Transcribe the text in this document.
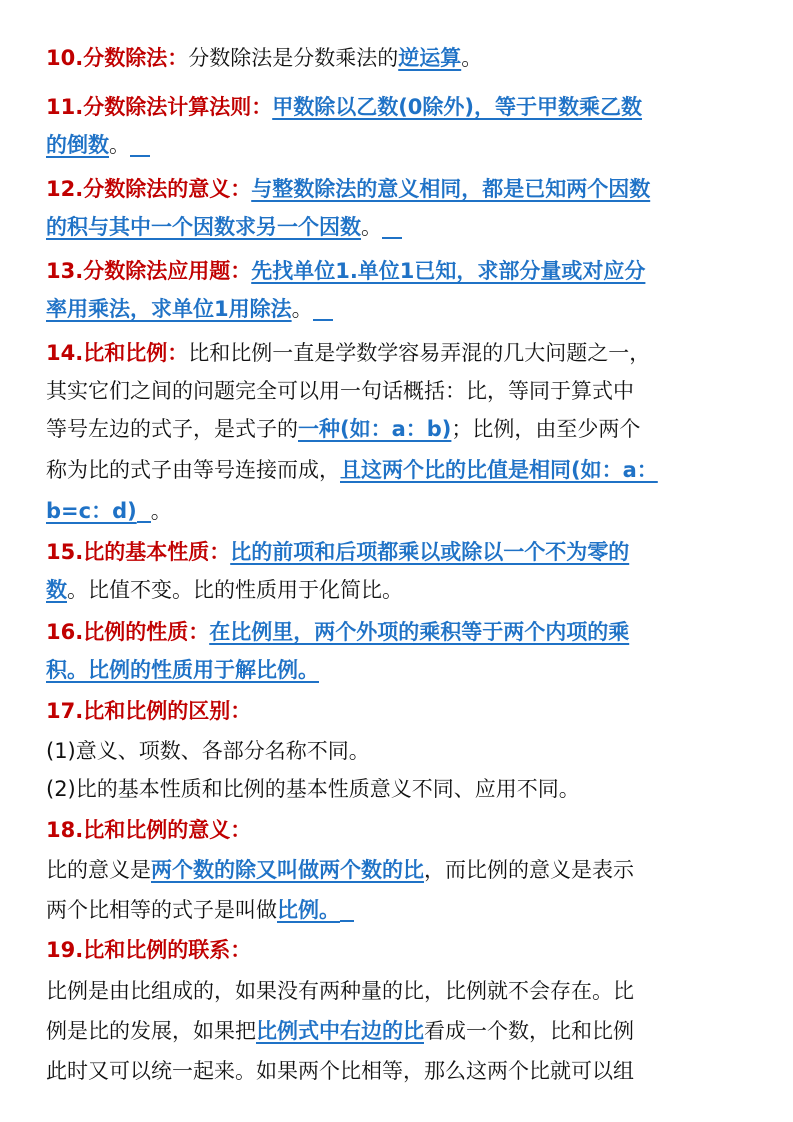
10.分数除法：分数除法是分数乘法的逆运算。
11.分数除法计算法则：甲数除以乙数(0除外)，等于甲数乘乙数
的倒数。
12.分数除法的意义：与整数除法的意义相同，都是已知两个因数
的积与其中一个因数求另一个因数。
13.分数除法应用题：先找单位1.单位1已知，求部分量或对应分
率用乘法，求单位1用除法。
14.比和比例：比和比例一直是学数学容易弄混的几大问题之一，
其实它们之间的问题完全可以用一句话概括：比，等同于算式中
等号左边的式子，是式子的一种(如：a：b)；比例，由至少两个
称为比的式子由等号连接而成，且这两个比的比值是相同(如：a：
b=c：d) 。
15.比的基本性质：比的前项和后项都乘以或除以一个不为零的
数。比值不变。比的性质用于化简比。
16.比例的性质：在比例里，两个外项的乘积等于两个内项的乘
积。比例的性质用于解比例。
17.比和比例的区别：
(1)意义、项数、各部分名称不同。
(2)比的基本性质和比例的基本性质意义不同、应用不同。
18.比和比例的意义：
比的意义是两个数的除又叫做两个数的比，而比例的意义是表示
两个比相等的式子是叫做比例。
19.比和比例的联系：
比例是由比组成的，如果没有两种量的比，比例就不会存在。比
例是比的发展，如果把比例式中右边的比看成一个数，比和比例
此时又可以统一起来。如果两个比相等，那么这两个比就可以组
